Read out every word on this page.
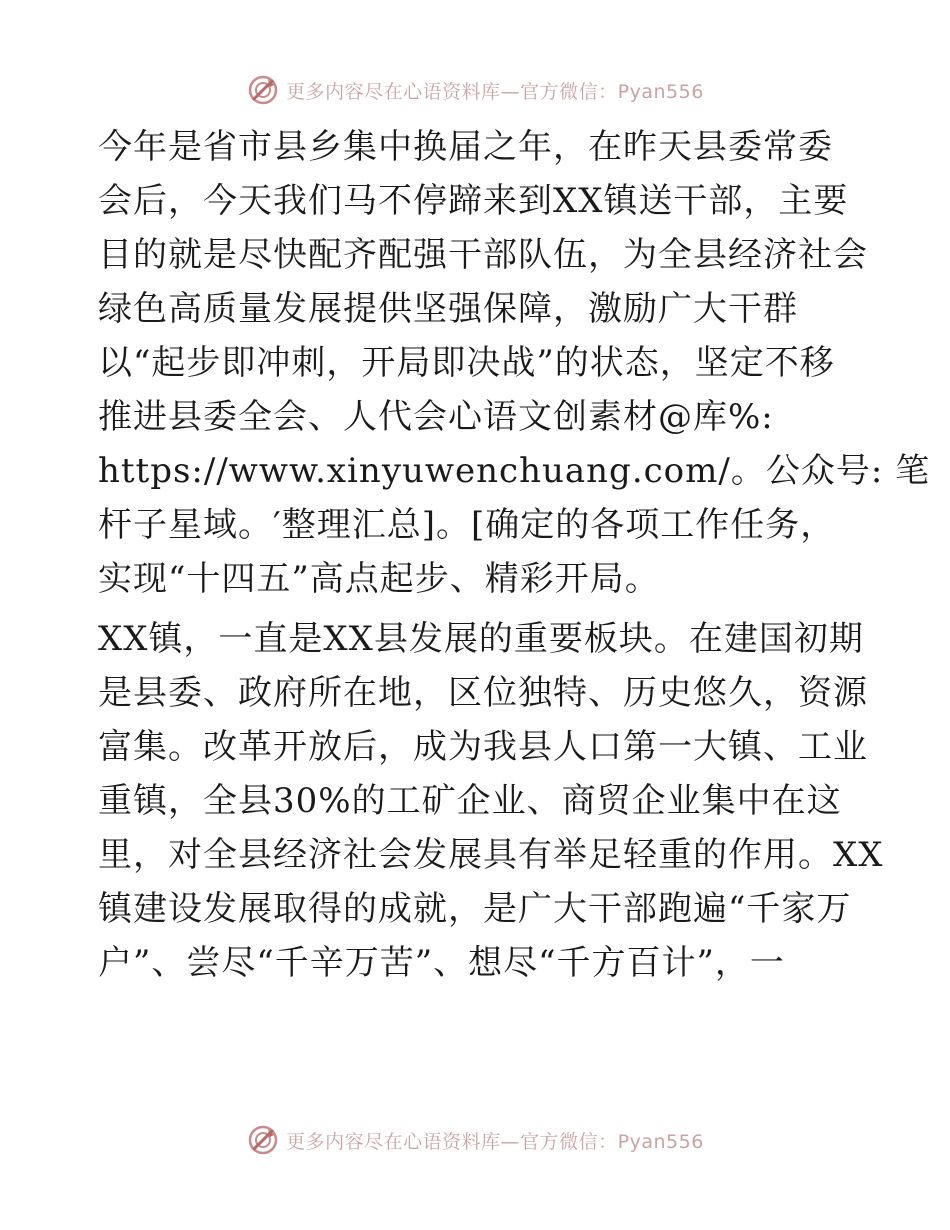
更多内容尽在心语资料库—官方微信：Pyan556
今年是省市县乡集中换届之年，在昨天县委常委
会后，今天我们马不停蹄来到XX镇送干部，主要
目的就是尽快配齐配强干部队伍，为全县经济社会
绿色高质量发展提供坚强保障，激励广大干群
以“起步即冲刺，开局即决战”的状态，坚定不移
推进县委全会、人代会心语文创素材@库%:
https://www.xinyuwenchuang.com/。公众号: 笔
杆子星域。′整理汇总]。[确定的各项工作任务，
实现“十四五”高点起步、精彩开局。
XX镇，一直是XX县发展的重要板块。在建国初期
是县委、政府所在地，区位独特、历史悠久，资源
富集。改革开放后，成为我县人口第一大镇、工业
重镇，全县30%的工矿企业、商贸企业集中在这
里，对全县经济社会发展具有举足轻重的作用。XX
镇建设发展取得的成就，是广大干部跑遍“千家万
户”、尝尽“千辛万苦”、想尽“千方百计”，一
更多内容尽在心语资料库—官方微信：Pyan556
